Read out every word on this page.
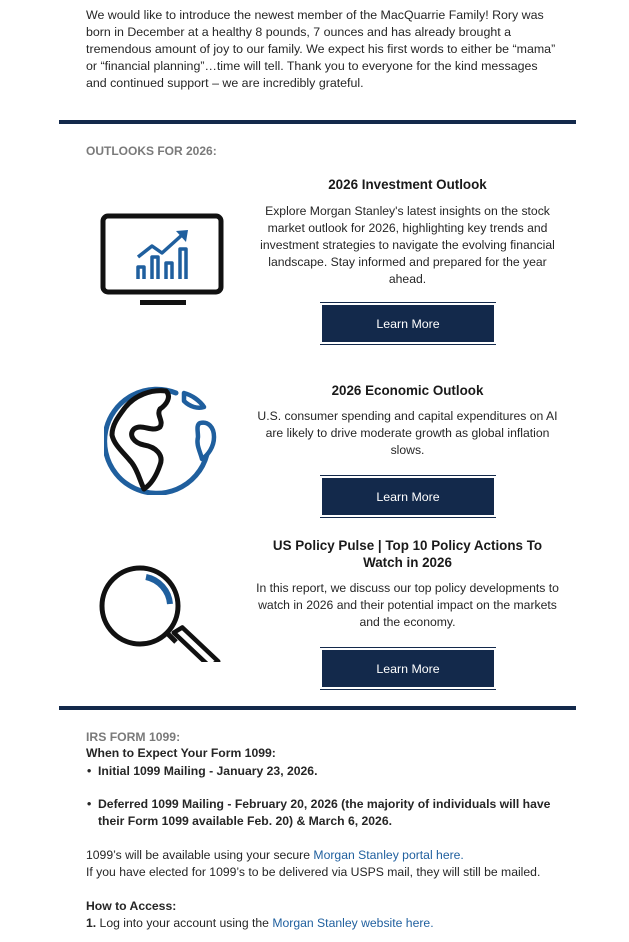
We would like to introduce the newest member of the MacQuarrie Family! Rory was born in December at a healthy 8 pounds, 7 ounces and has already brought a tremendous amount of joy to our family. We expect his first words to either be “mama” or “financial planning”…time will tell. Thank you to everyone for the kind messages and continued support – we are incredibly grateful.
OUTLOOKS FOR 2026:
2026 Investment Outlook
Explore Morgan Stanley's latest insights on the stock market outlook for 2026, highlighting key trends and investment strategies to navigate the evolving financial landscape. Stay informed and prepared for the year ahead.
Learn More
2026 Economic Outlook
U.S. consumer spending and capital expenditures on AI are likely to drive moderate growth as global inflation slows.
Learn More
US Policy Pulse | Top 10 Policy Actions To Watch in 2026
In this report, we discuss our top policy developments to watch in 2026 and their potential impact on the markets and the economy.
Learn More
IRS FORM 1099:
When to Expect Your Form 1099:
• Initial 1099 Mailing - January 23, 2026.
• Deferred 1099 Mailing - February 20, 2026 (the majority of individuals will have their Form 1099 available Feb. 20) & March 6, 2026.
1099’s will be available using your secure Morgan Stanley portal here.
If you have elected for 1099’s to be delivered via USPS mail, they will still be mailed.
How to Access:
1. Log into your account using the Morgan Stanley website here.
